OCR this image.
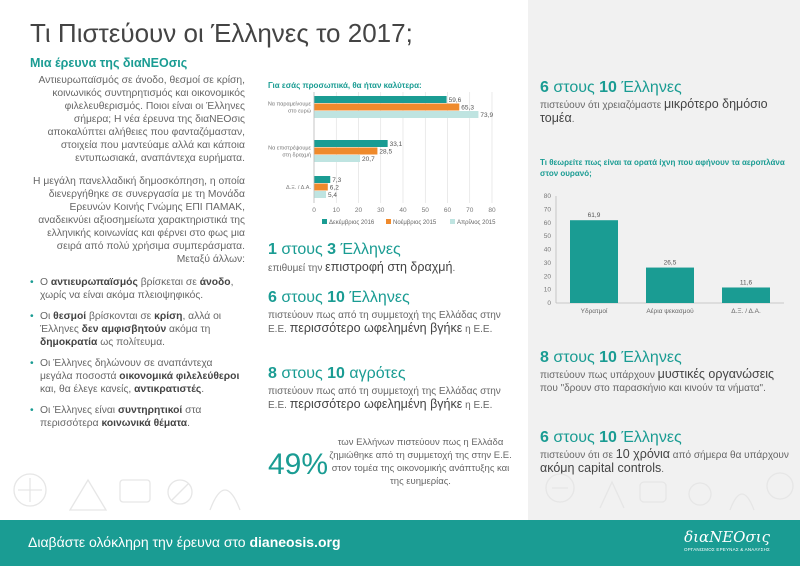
Τι Πιστεύουν οι Έλληνες το 2017;
Μια έρευνα της διαΝΕΟσις

Αντιευρωπαϊσμός σε άνοδο, θεσμοί σε κρίση, κοινωνικός συντηρητισμός και οικονομικός φιλελευθερισμός. Ποιοι είναι οι Έλληνες σήμερα; Η νέα έρευνα της διαΝΕΟσις αποκαλύπτει αλήθειες που φανταζόμασταν, στοιχεία που μαντεύαμε αλλά και κάποια εντυπωσιακά, αναπάντεχα ευρήματα.

Η μεγάλη πανελλαδική δημοσκόπηση, η οποία διενεργήθηκε σε συνεργασία με τη Μονάδα Ερευνών Κοινής Γνώμης ΕΠΙ ΠΑΜΑΚ, αναδεικνύει αξιοσημείωτα χαρακτηριστικά της ελληνικής κοινωνίας και φέρνει στο φως μια σειρά από πολύ χρήσιμα συμπεράσματα. Μεταξύ άλλων:

• Ο αντιευρωπαϊσμός βρίσκεται σε άνοδο, χωρίς να είναι ακόμα πλειοψηφικός.
• Οι θεσμοί βρίσκονται σε κρίση, αλλά οι Έλληνες δεν αμφισβητούν ακόμα τη δημοκρατία ως πολίτευμα.
• Οι Έλληνες δηλώνουν σε αναπάντεχα μεγάλα ποσοστά οικονομικά φιλελεύθεροι και, θα έλεγε κανείς, αντικρατιστές.
• Οι Έλληνες είναι συντηρητικοί στα περισσότερα κοινωνικά θέματα.
Για εσάς προσωπικά, θα ήταν καλύτερα:
0	10 20 30 40 50 60 70 80
Να παραμείνουμε
στο ευρώ
59,6
65,3
73,9
Να επιστρέψουμε
στη δραχμή
33,1
28,5
20,7
Δ.Ξ. / Δ.Α.
7,3
6,2
5,4
Δεκέμβριος 2016	Νοέμβριος 2015	Απρίλιος 2015
1 στους 3 Έλληνες
επιθυμεί την επιστροφή στη δραχμή.
6 στους 10 Έλληνες
πιστεύουν πως από τη συμμετοχή της Ελλάδας στην Ε.Ε. περισσότερο ωφελημένη βγήκε η Ε.Ε.
8 στους 10 αγρότες
πιστεύουν πως από τη συμμετοχή της Ελλάδας στην Ε.Ε. περισσότερο ωφελημένη βγήκε η Ε.Ε.
49%
των Ελλήνων πιστεύουν πως η Ελλάδα ζημιώθηκε από τη συμμετοχή της στην Ε.Ε. στον τομέα της οικονομικής ανάπτυξης και της ευημερίας.
6 στους 10 Έλληνες
πιστεύουν ότι χρειαζόμαστε μικρότερο δημόσιο τομέα.
Τι θεωρείτε πως είναι τα ορατά ίχνη που αφήνουν τα αεροπλάνα στον ουρανό;
0
10
20
30
40
50
60
70
80
61,9
Υδρατμοί
26,5
Αέρια ψεκασμού
11,6
Δ.Ξ. / Δ.Α.
8 στους 10 Έλληνες
πιστεύουν πως υπάρχουν μυστικές οργανώσεις που "δρουν στο παρασκήνιο και κινούν τα νήματα".
6 στους 10 Έλληνες
πιστεύουν ότι σε 10 χρόνια από σήμερα θα υπάρχουν ακόμη capital controls.
Διαβάστε ολόκληρη την έρευνα στο dianeosis.org	διαΝΕΟσις
ΟΡΓΑΝΙΣΜΟΣ ΕΡΕΥΝΑΣ & ΑΝΑΛΥΣΗΣ
